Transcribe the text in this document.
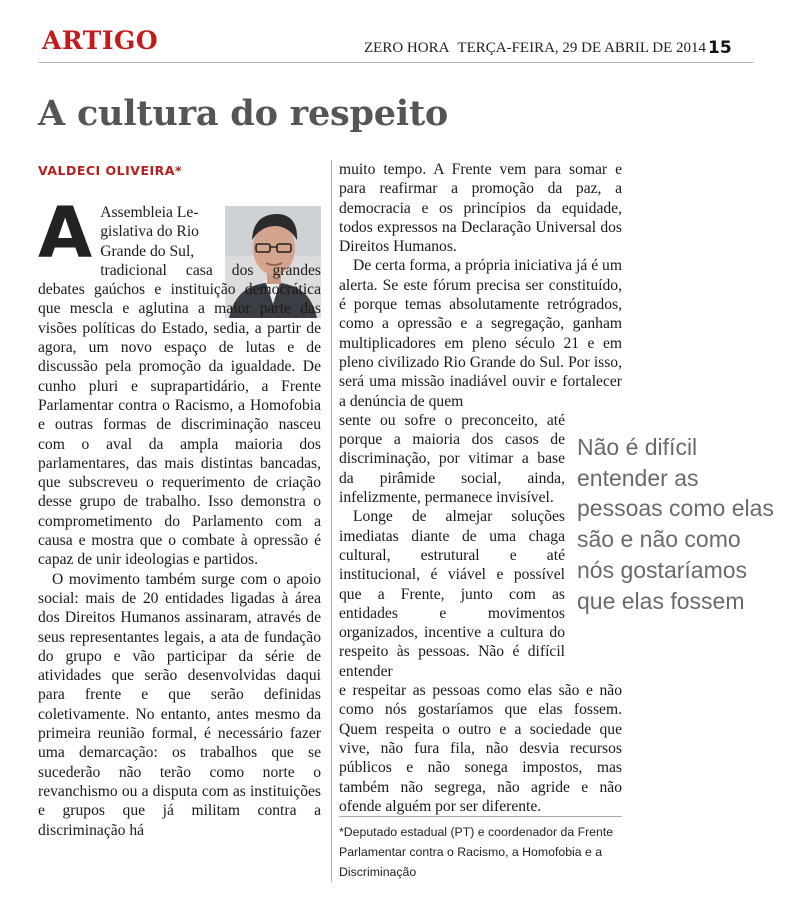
ARTIGO	ZERO HORA TERÇA-FEIRA, 29 DE ABRIL DE 2014 15
A cultura do respeito
VALDECI OLIVEIRA*

A Assembleia Le-
gislativa do Rio
Grande do Sul,
tradicional casa dos grandes debates gaúchos e instituição democrática que mescla e aglutina a maior parte das visões políticas do Estado, sedia, a partir de agora, um novo espaço de lutas e de discussão pela promoção da igualdade. De cunho pluri e suprapartidário, a Frente Parlamentar contra o Racismo, a Homofobia e outras formas de discriminação nasceu com o aval da ampla maioria dos parlamentares, das mais distintas bancadas, que subscreveu o requerimento de criação desse grupo de trabalho. Isso demonstra o comprometimento do Parlamento com a causa e mostra que o combate à opressão é capaz de unir ideologias e partidos.

O movimento também surge com o apoio social: mais de 20 entidades ligadas à área dos Direitos Humanos assinaram, através de seus representantes legais, a ata de fundação do grupo e vão participar da série de atividades que serão desenvolvidas daqui para frente e que serão definidas coletivamente. No entanto, antes mesmo da primeira reunião formal, é necessário fazer uma demarcação: os trabalhos que se sucederão não terão como norte o revanchismo ou a disputa com as instituições e grupos que já militam contra a discriminação há

muito tempo. A Frente vem para somar e para reafirmar a promoção da paz, a democracia e os princípios da equidade, todos expressos na Declaração Universal dos Direitos Humanos.

De certa forma, a própria iniciativa já é um alerta. Se este fórum precisa ser constituído, é porque temas absolutamente retrógrados, como a opressão e a segregação, ganham multiplicadores em pleno século 21 e em pleno civilizado Rio Grande do Sul. Por isso, será uma missão inadiável ouvir e fortalecer a denúncia de quem

sente ou sofre o preconceito, até porque a maioria dos casos de discriminação, por vitimar a base da pirâmide social, ainda, infelizmente, permanece invisível.

Longe de almejar soluções imediatas diante de uma chaga cultural, estrutural e até institucional, é viável e possível que a Frente, junto com as entidades e movimentos organizados, incentive a cultura do respeito às pessoas. Não é difícil entender

e respeitar as pessoas como elas são e não como nós gostaríamos que elas fossem. Quem respeita o outro e a sociedade que vive, não fura fila, não desvia recursos públicos e não sonega impostos, mas também não segrega, não agride e não ofende alguém por ser diferente.

Não é difícil entender as pessoas como elas são e não como nós gostaríamos que elas fossem
*Deputado estadual (PT) e coordenador da Frente Parlamentar contra o Racismo, a Homofobia e a Discriminação
